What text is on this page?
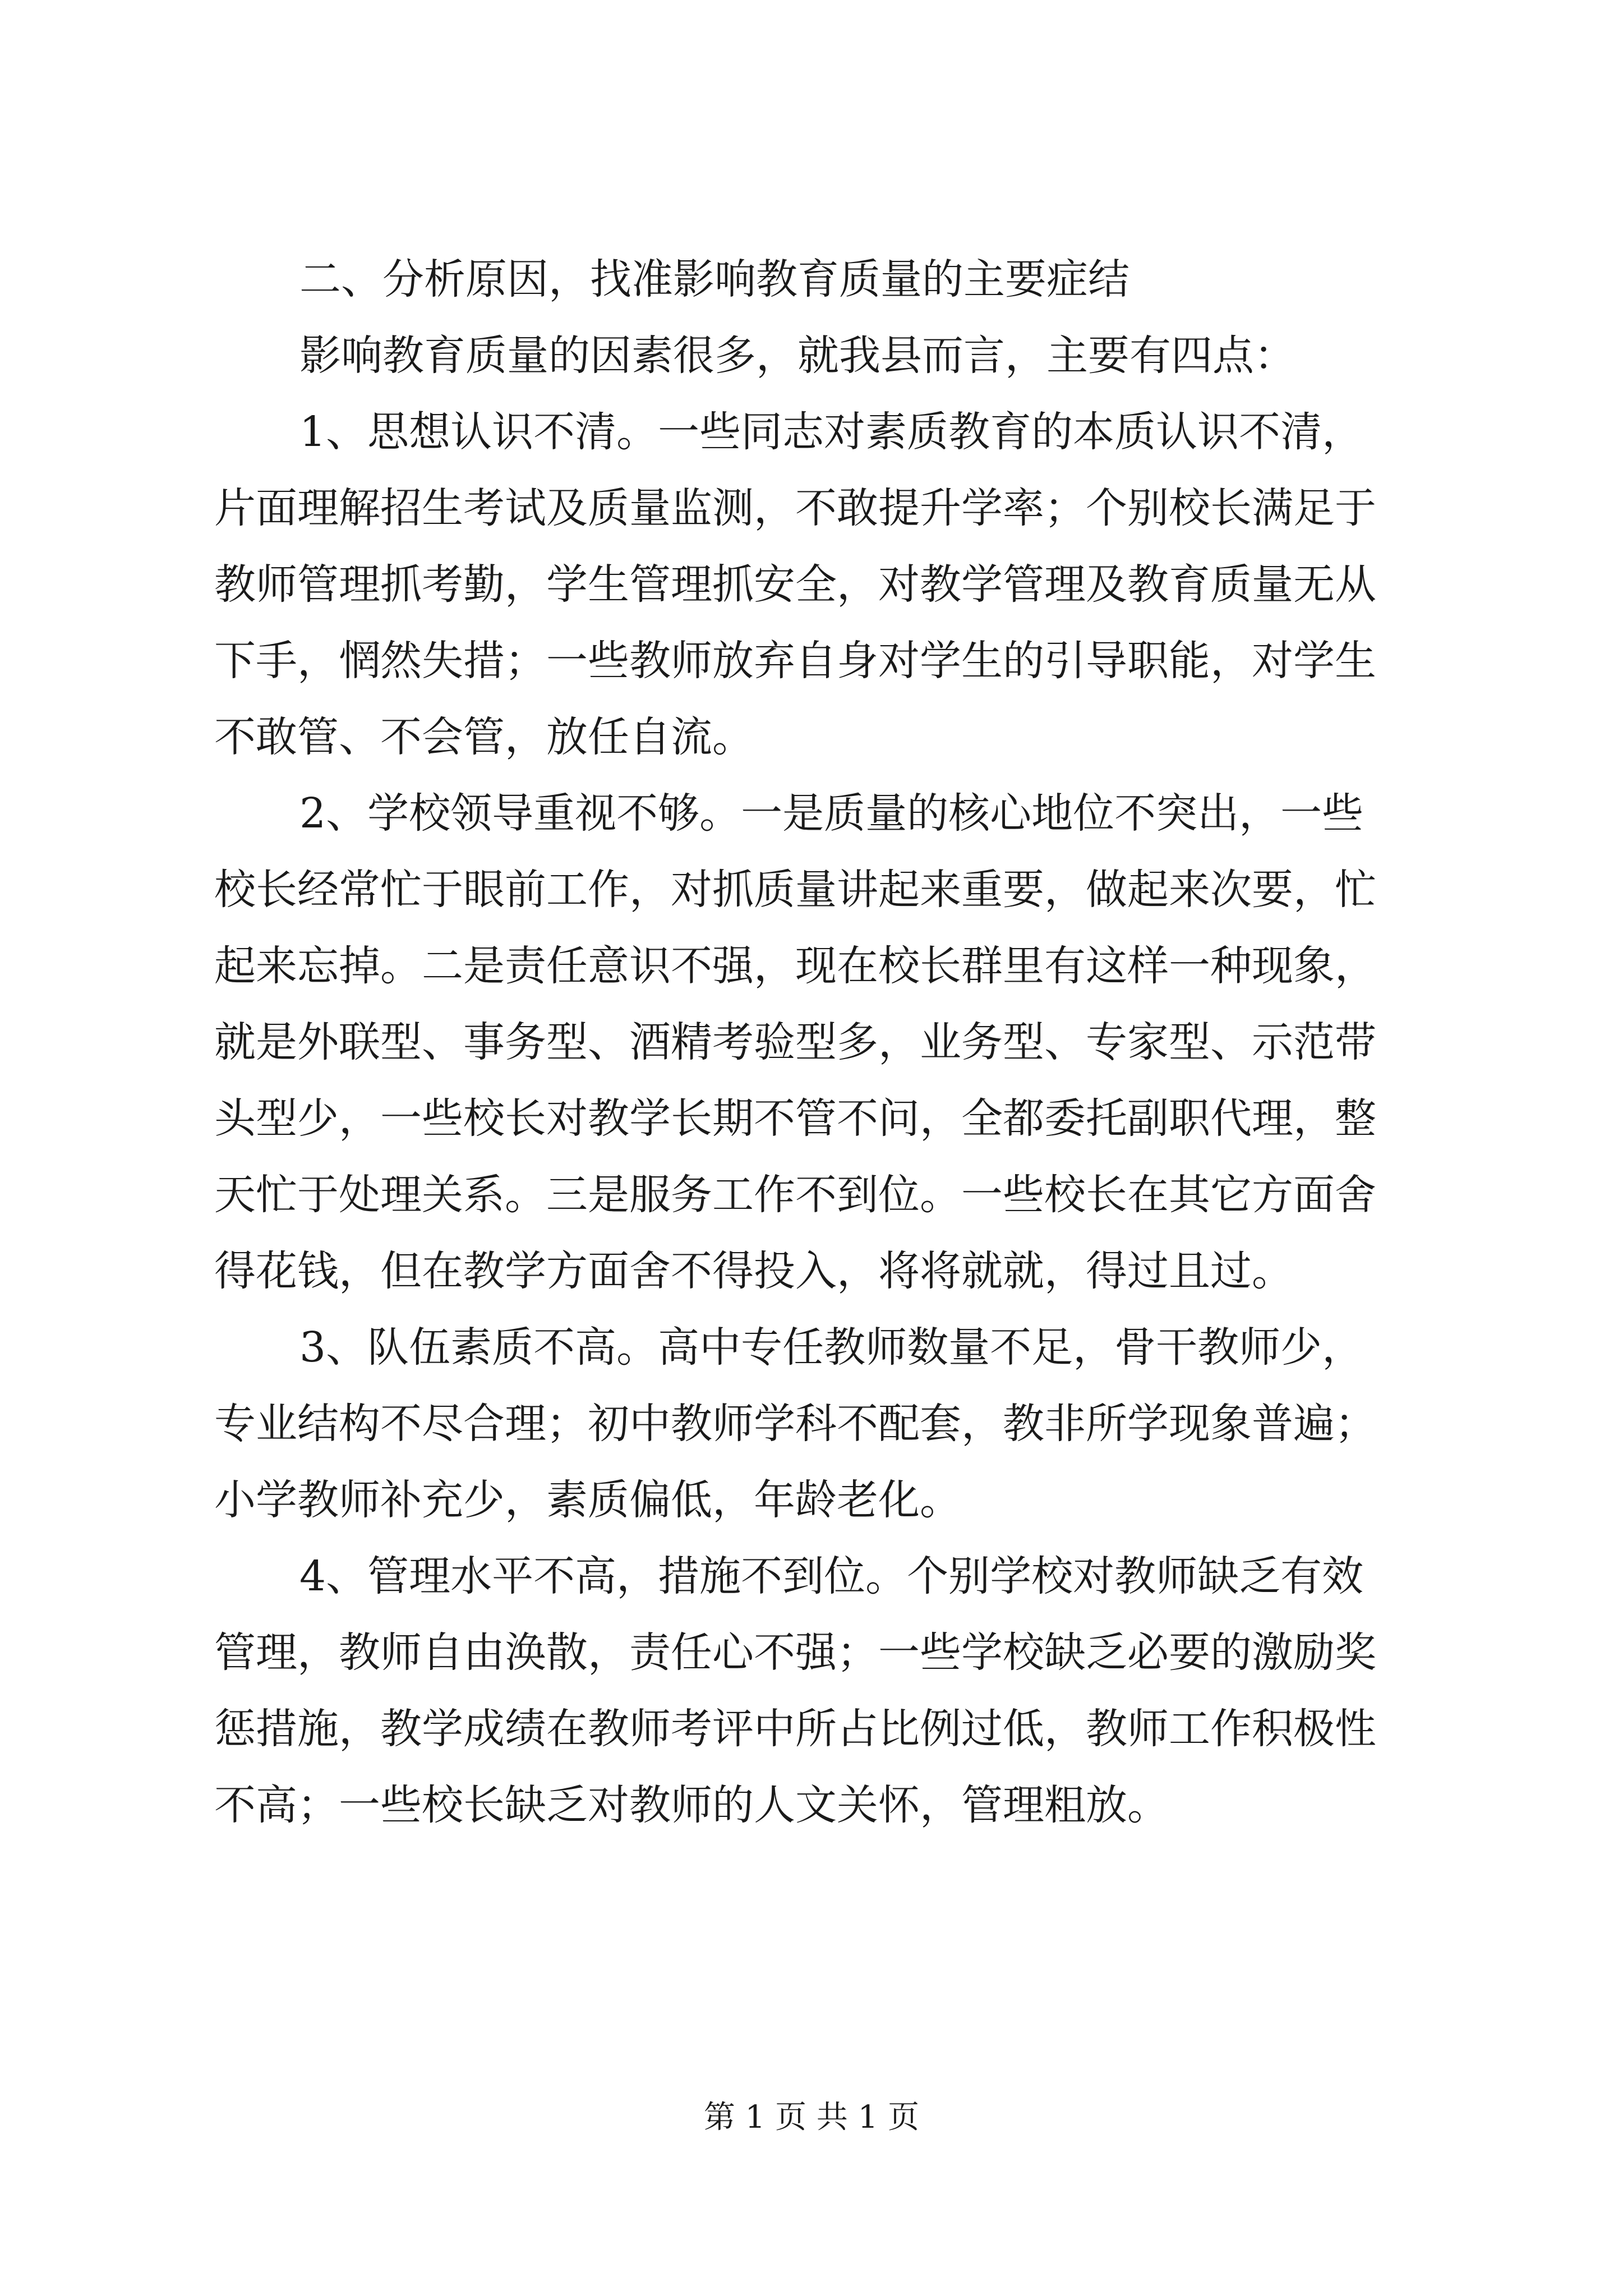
二、分析原因，找准影响教育质量的主要症结
影响教育质量的因素很多，就我县而言，主要有四点：
1、思想认识不清。一些同志对素质教育的本质认识不清，
片面理解招生考试及质量监测，不敢提升学率；个别校长满足于
教师管理抓考勤，学生管理抓安全，对教学管理及教育质量无从
下手，惘然失措；一些教师放弃自身对学生的引导职能，对学生
不敢管、不会管，放任自流。
2、学校领导重视不够。一是质量的核心地位不突出，一些
校长经常忙于眼前工作，对抓质量讲起来重要，做起来次要，忙
起来忘掉。二是责任意识不强，现在校长群里有这样一种现象，
就是外联型、事务型、酒精考验型多，业务型、专家型、示范带
头型少，一些校长对教学长期不管不问，全都委托副职代理，整
天忙于处理关系。三是服务工作不到位。一些校长在其它方面舍
得花钱，但在教学方面舍不得投入，将将就就，得过且过。
3、队伍素质不高。高中专任教师数量不足，骨干教师少，
专业结构不尽合理；初中教师学科不配套，教非所学现象普遍；
小学教师补充少，素质偏低，年龄老化。
4、管理水平不高，措施不到位。个别学校对教师缺乏有效
管理，教师自由涣散，责任心不强；一些学校缺乏必要的激励奖
惩措施，教学成绩在教师考评中所占比例过低，教师工作积极性
不高；一些校长缺乏对教师的人文关怀，管理粗放。
第 1 页 共 1 页
